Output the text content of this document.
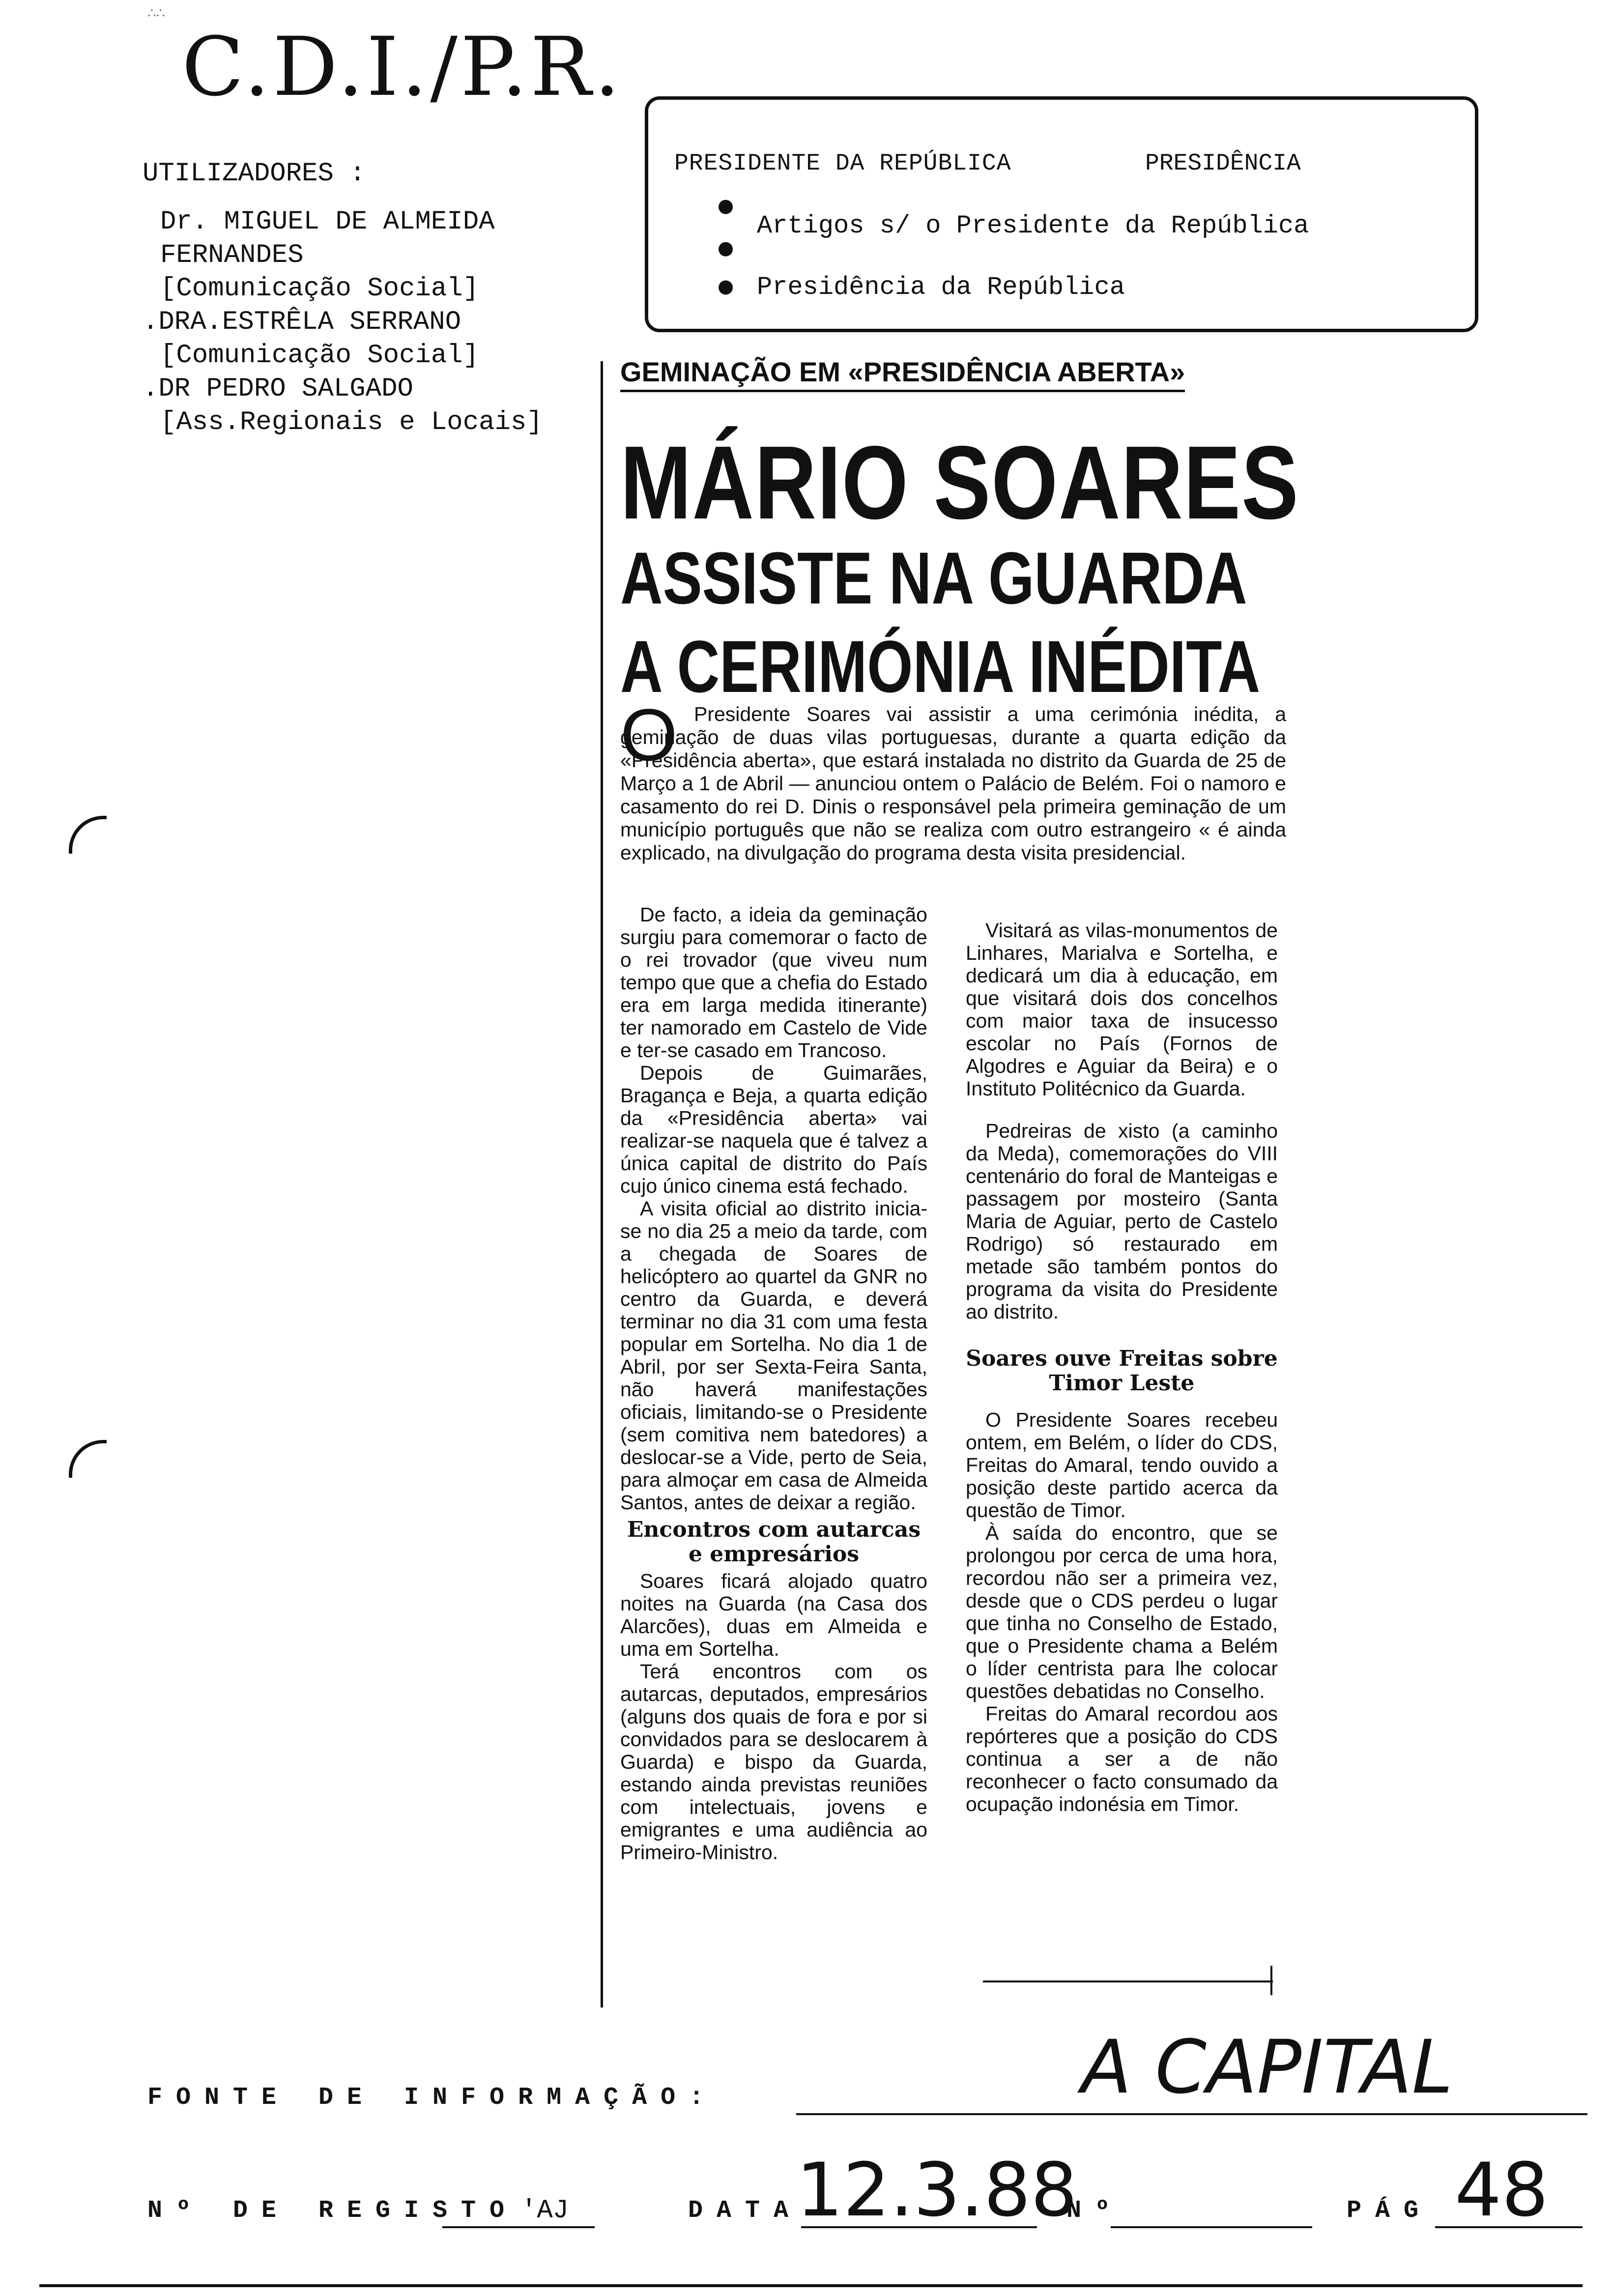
∴∴
C.D.I./P.R.
UTILIZADORES :
Dr. MIGUEL DE ALMEIDA
FERNANDES
[Comunicação Social]
.DRA.ESTRÊLA SERRANO
[Comunicação Social]
.DR PEDRO SALGADO
[Ass.Regionais e Locais]
PRESIDENTE DA REPÚBLICA	PRESIDÊNCIA
●
Artigos s/ o Presidente da República
●
● Presidência da República
GEMINAÇÃO EM «PRESIDÊNCIA ABERTA»
MÁRIO SOARES
ASSISTE NA GUARDA
A CERIMÓNIA INÉDITA
O Presidente Soares vai assistir a uma cerimónia inédita, a geminação de duas vilas portuguesas, durante a quarta edição da «Presidência aberta», que estará instalada no distrito da Guarda de 25 de Março a 1 de Abril — anunciou ontem o Palácio de Belém. Foi o namoro e casamento do rei D. Dinis o responsável pela primeira geminação de um município português que não se realiza com outro estrangeiro « é ainda explicado, na divulgação do programa desta visita presidencial.

De facto, a ideia da geminação surgiu para comemorar o facto de o rei trovador (que viveu num tempo que que a chefia do Estado era em larga medida itinerante) ter namorado em Castelo de Vide e ter-se casado em Trancoso.

Depois de Guimarães, Bragança e Beja, a quarta edição da «Presidência aberta» vai realizar-se naquela que é talvez a única capital de distrito do País cujo único cinema está fechado.

A visita oficial ao distrito inicia-se no dia 25 a meio da tarde, com a chegada de Soares de helicóptero ao quartel da GNR no centro da Guarda, e deverá terminar no dia 31 com uma festa popular em Sortelha. No dia 1 de Abril, por ser Sexta-Feira Santa, não haverá manifestações oficiais, limitando-se o Presidente (sem comitiva nem batedores) a deslocar-se a Vide, perto de Seia, para almoçar em casa de Almeida Santos, antes de deixar a região.

Encontros com autarcas e empresários

Soares ficará alojado quatro noites na Guarda (na Casa dos Alarcões), duas em Almeida e uma em Sortelha.

Terá encontros com os autarcas, deputados, empresários (alguns dos quais de fora e por si convidados para se deslocarem à Guarda) e bispo da Guarda, estando ainda previstas reuniões com intelectuais, jovens e emigrantes e uma audiência ao Primeiro-Ministro.

Visitará as vilas-monumentos de Linhares, Marialva e Sortelha, e dedicará um dia à educação, em que visitará dois dos concelhos com maior taxa de insucesso escolar no País (Fornos de Algodres e Aguiar da Beira) e o Instituto Politécnico da Guarda.

Pedreiras de xisto (a caminho da Meda), comemorações do VIII centenário do foral de Manteigas e passagem por mosteiro (Santa Maria de Aguiar, perto de Castelo Rodrigo) só restaurado em metade são também pontos do programa da visita do Presidente ao distrito.

Soares ouve Freitas sobre Timor Leste

O Presidente Soares recebeu ontem, em Belém, o líder do CDS, Freitas do Amaral, tendo ouvido a posição deste partido acerca da questão de Timor.

À saída do encontro, que se prolongou por cerca de uma hora, recordou não ser a primeira vez, desde que o CDS perdeu o lugar que tinha no Conselho de Estado, que o Presidente chama a Belém o líder centrista para lhe colocar questões debatidas no Conselho.

Freitas do Amaral recordou aos repórteres que a posição do CDS continua a ser a de não reconhecer o facto consumado da ocupação indonésia em Timor.

FONTE DE INFORMAÇÃO:	A CAPITAL
Nº DE REGISTO 'AJ	DATA
12.3.88
Nº	PÁG 48
